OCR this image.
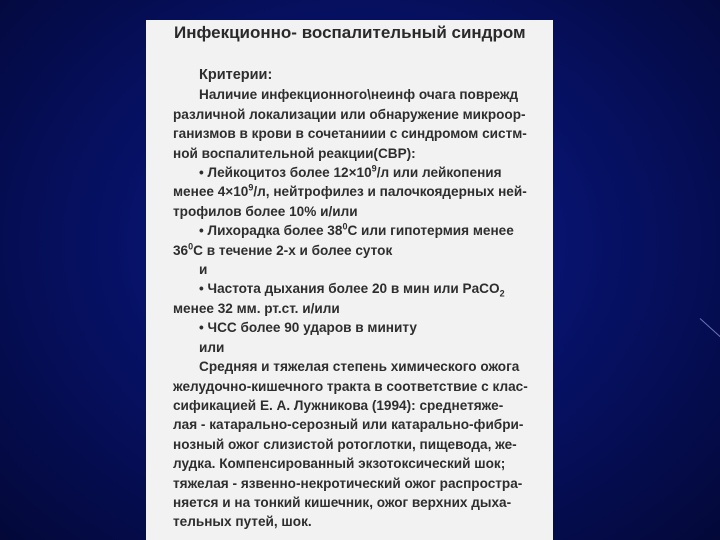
Инфекционно- воспалительный синдром
Критерии:
Наличие инфекционного\неинф очага поврежд
различной локализации или обнаружение микроор-
ганизмов в крови в сочетаниии с синдромом систм-
ной воспалительной реакции(СВР):
• Лейкоцитоз более $12\times 10^9/л$ или лейкопения
менее $4\times 10^9/л$, нейтрофилез и палочкоядерных ней-
трофилов более 10% и/или
• Лихорадка более $38^0С$ или гипотермия менее
$36^0С$ в течение 2-х и более суток
и
• Частота дыхания более 20 в мин или PaCO$_2$
менее 32 мм. рт.ст. и/или
• ЧСС более 90 ударов в миниту
или
Средняя и тяжелая степень химического ожога
желудочно-кишечного тракта в соответствие с клас-
сификацией Е. А. Лужникова (1994): среднетяже-
лая - катарально-серозный или катарально-фибри-
нозный ожог слизистой ротоглотки, пищевода, же-
лудка. Компенсированный экзотоксический шок;
тяжелая - язвенно-некротический ожог распростра-
няется и на тонкий кишечник, ожог верхних дыха-
тельных путей, шок.
